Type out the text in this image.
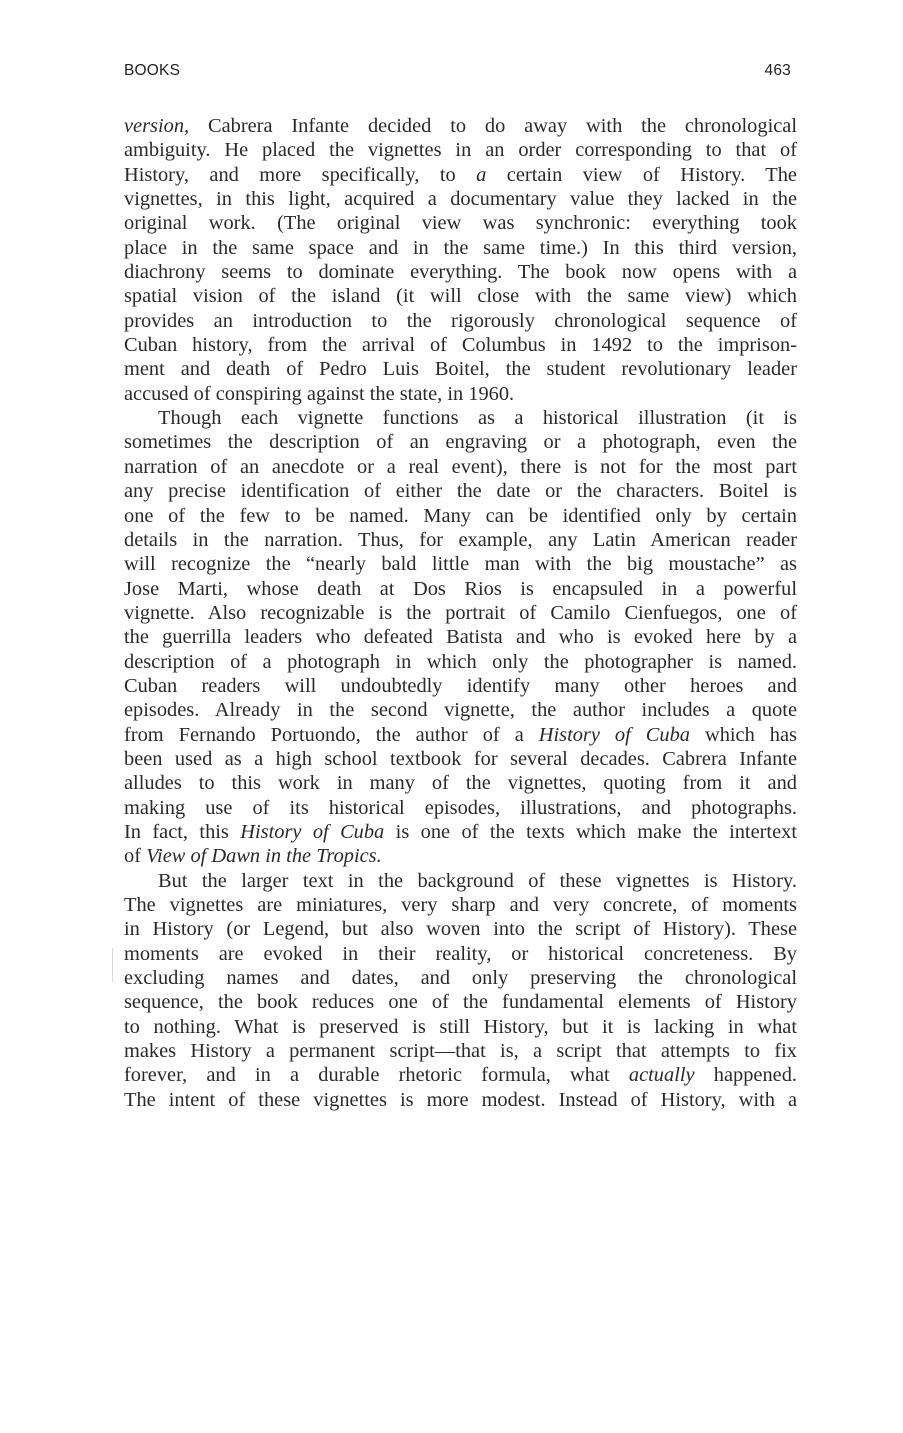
BOOKS	463

version, Cabrera Infante decided to do away with the chronological
ambiguity. He placed the vignettes in an order corresponding to that of
History, and more specifically, to a certain view of History. The
vignettes, in this light, acquired a documentary value they lacked in the
original work. (The original view was synchronic: everything took
place in the same space and in the same time.) In this third version,
diachrony seems to dominate everything. The book now opens with a
spatial vision of the island (it will close with the same view) which
provides an introduction to the rigorously chronological sequence of
Cuban history, from the arrival of Columbus in 1492 to the imprison-
ment and death of Pedro Luis Boitel, the student revolutionary leader
accused of conspiring against the state, in 1960.

Though each vignette functions as a historical illustration (it is
sometimes the description of an engraving or a photograph, even the
narration of an anecdote or a real event), there is not for the most part
any precise identification of either the date or the characters. Boitel is
one of the few to be named. Many can be identified only by certain
details in the narration. Thus, for example, any Latin American reader
will recognize the “nearly bald little man with the big moustache” as
Jose Marti, whose death at Dos Rios is encapsuled in a powerful
vignette. Also recognizable is the portrait of Camilo Cienfuegos, one of
the guerrilla leaders who defeated Batista and who is evoked here by a
description of a photograph in which only the photographer is named.
Cuban readers will undoubtedly identify many other heroes and
episodes. Already in the second vignette, the author includes a quote
from Fernando Portuondo, the author of a History of Cuba which has
been used as a high school textbook for several decades. Cabrera Infante
alludes to this work in many of the vignettes, quoting from it and
making use of its historical episodes, illustrations, and photographs.
In fact, this History of Cuba is one of the texts which make the intertext
of View of Dawn in the Tropics.

But the larger text in the background of these vignettes is History.
The vignettes are miniatures, very sharp and very concrete, of moments
in History (or Legend, but also woven into the script of History). These
moments are evoked in their reality, or historical concreteness. By
excluding names and dates, and only preserving the chronological
sequence, the book reduces one of the fundamental elements of History
to nothing. What is preserved is still History, but it is lacking in what
makes History a permanent script—that is, a script that attempts to fix
forever, and in a durable rhetoric formula, what actually happened.
The intent of these vignettes is more modest. Instead of History, with a
